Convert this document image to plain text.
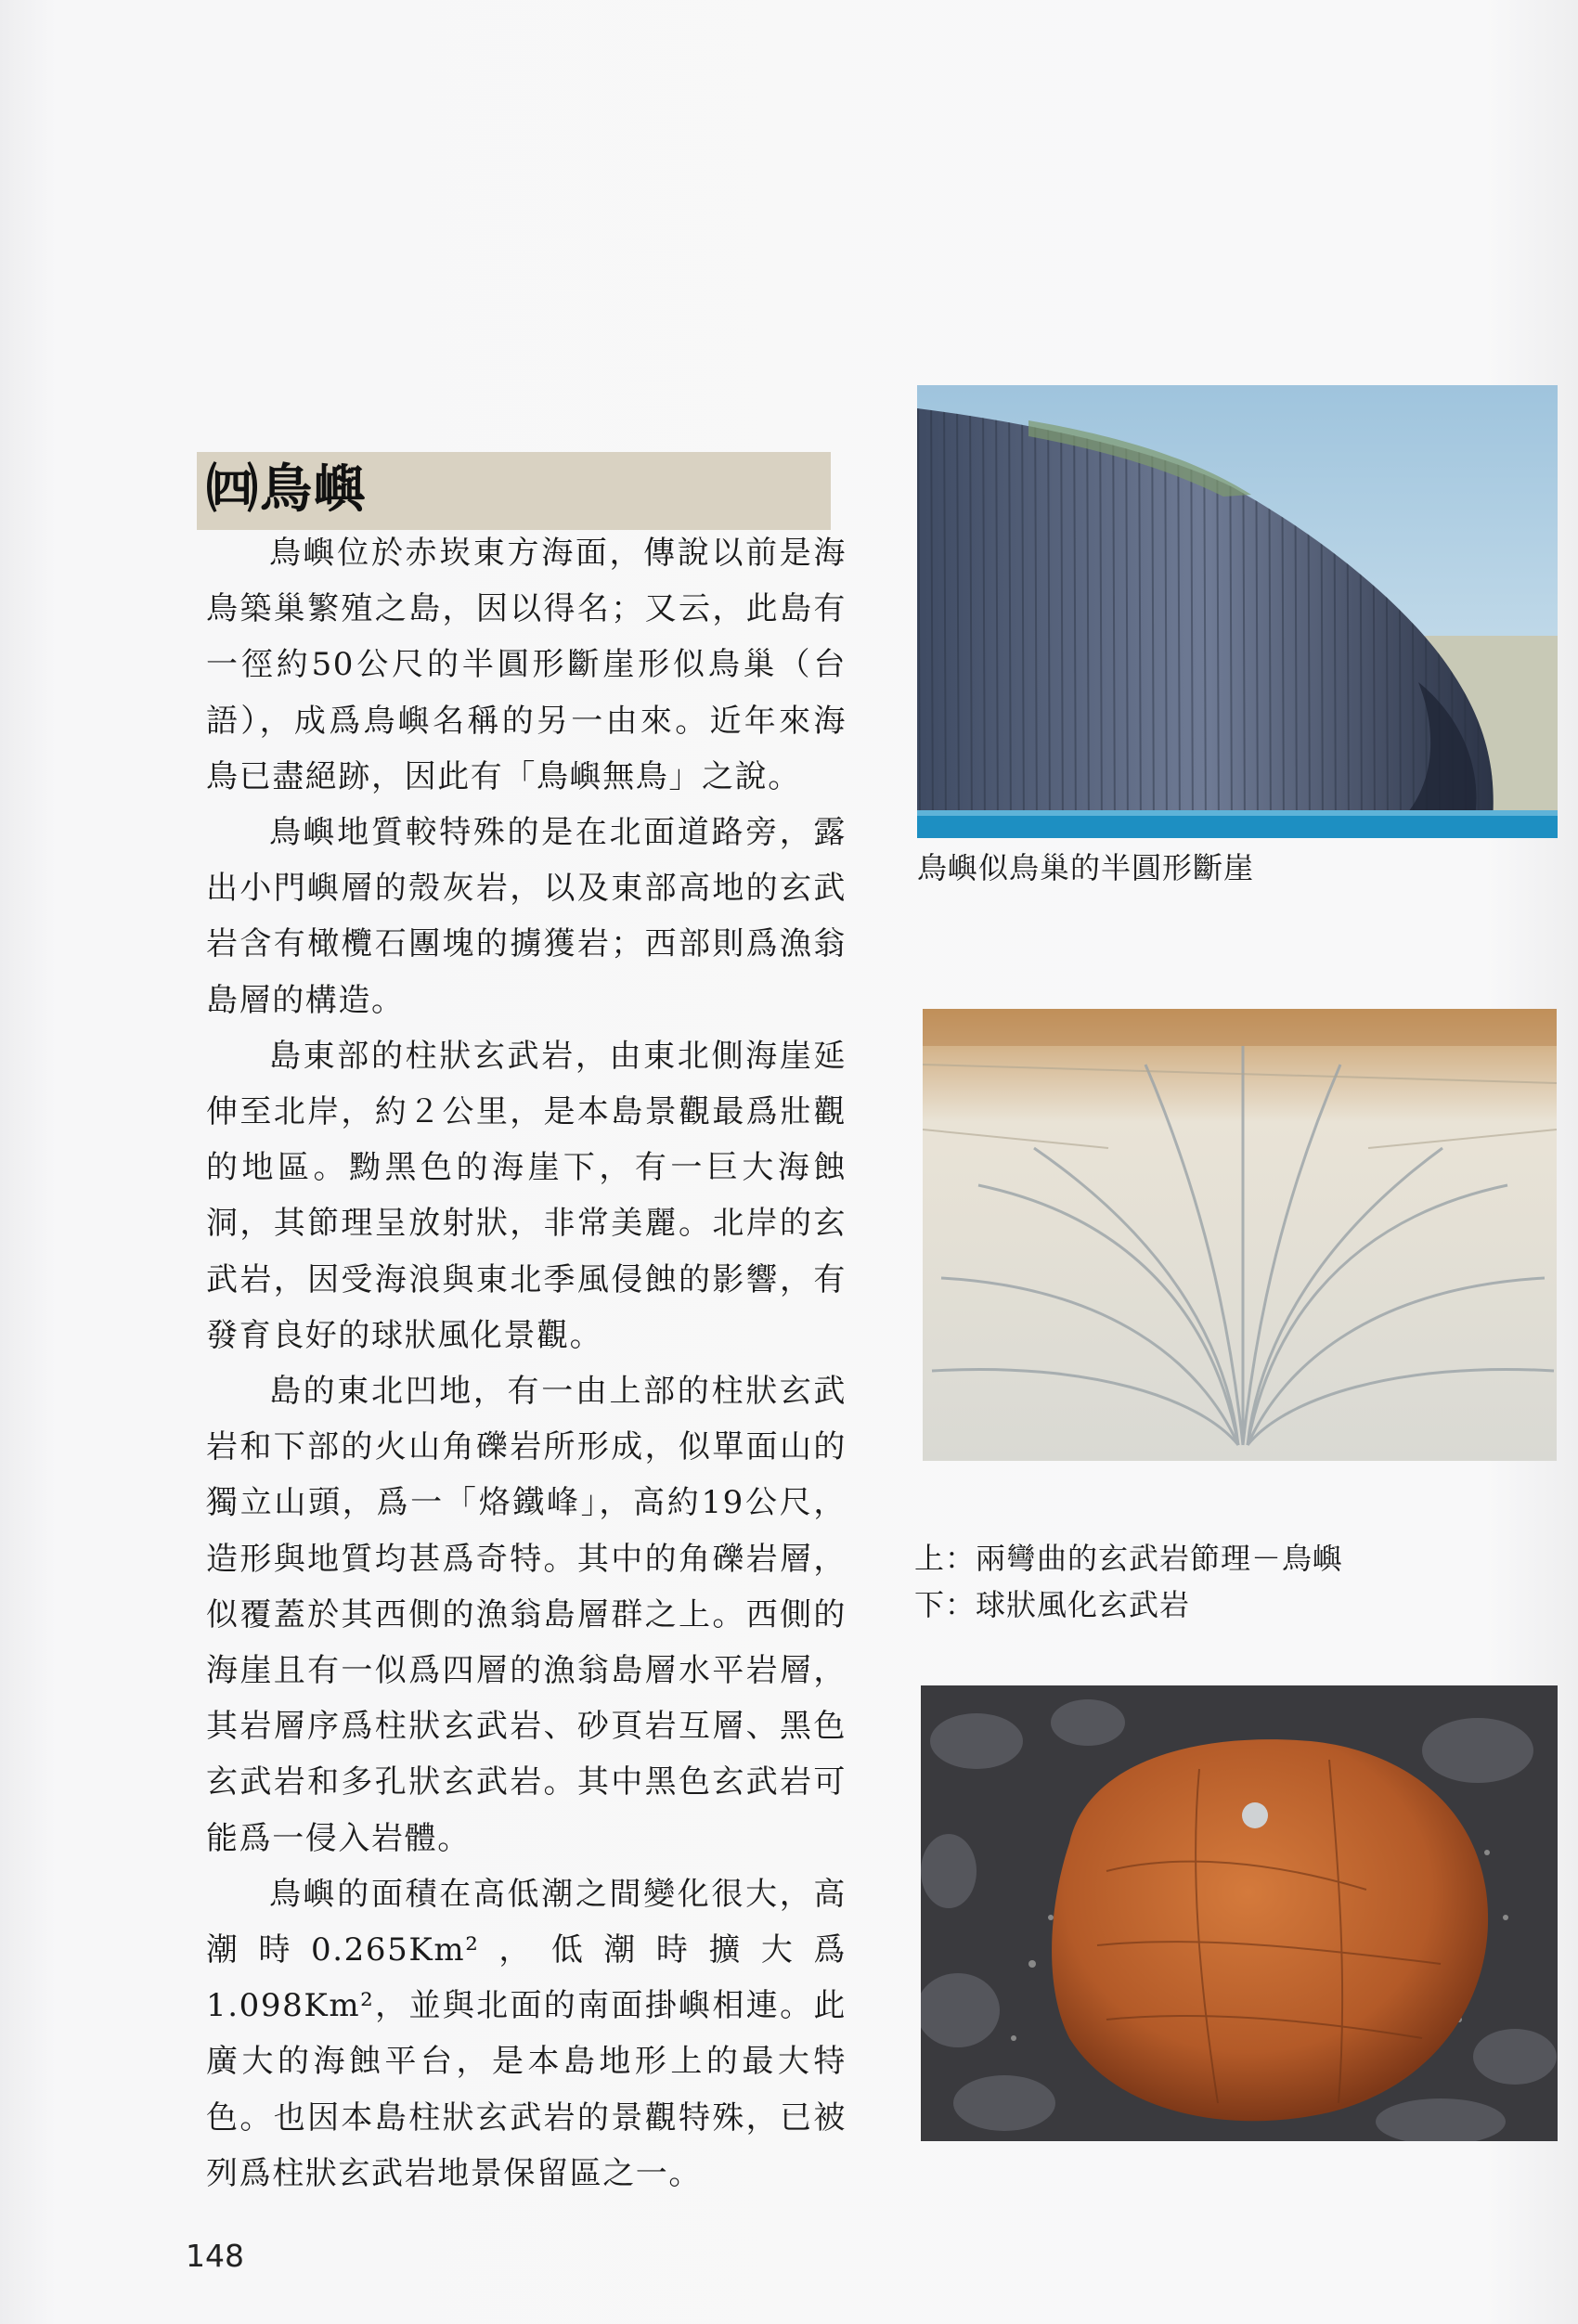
㈣鳥嶼

鳥嶼位於赤崁東方海面，傳說以前是海鳥築巢繁殖之島，因以得名；又云，此島有一徑約50公尺的半圓形斷崖形似鳥巢（台語），成爲鳥嶼名稱的另一由來。近年來海鳥已盡絕跡，因此有「鳥嶼無鳥」之說。

鳥嶼地質較特殊的是在北面道路旁，露出小門嶼層的殼灰岩，以及東部高地的玄武岩含有橄欖石團塊的擄獲岩；西部則爲漁翁島層的構造。

島東部的柱狀玄武岩，由東北側海崖延伸至北岸，約２公里，是本島景觀最爲壯觀的地區。黝黑色的海崖下，有一巨大海蝕洞，其節理呈放射狀，非常美麗。北岸的玄武岩，因受海浪與東北季風侵蝕的影響，有發育良好的球狀風化景觀。

島的東北凹地，有一由上部的柱狀玄武岩和下部的火山角礫岩所形成，似單面山的獨立山頭，爲一「烙鐵峰」，高約19公尺，造形與地質均甚爲奇特。其中的角礫岩層，似覆蓋於其西側的漁翁島層群之上。西側的海崖且有一似爲四層的漁翁島層水平岩層，其岩層序爲柱狀玄武岩、砂頁岩互層、黑色玄武岩和多孔狀玄武岩。其中黑色玄武岩可能爲一侵入岩體。

鳥嶼的面積在高低潮之間變化很大，高潮時0.265Km²，低潮時擴大爲1.098Km²，並與北面的南面掛嶼相連。此廣大的海蝕平台，是本島地形上的最大特色。也因本島柱狀玄武岩的景觀特殊，已被列爲柱狀玄武岩地景保留區之一。

鳥嶼似鳥巢的半圓形斷崖
上：兩彎曲的玄武岩節理－鳥嶼
下：球狀風化玄武岩
148
